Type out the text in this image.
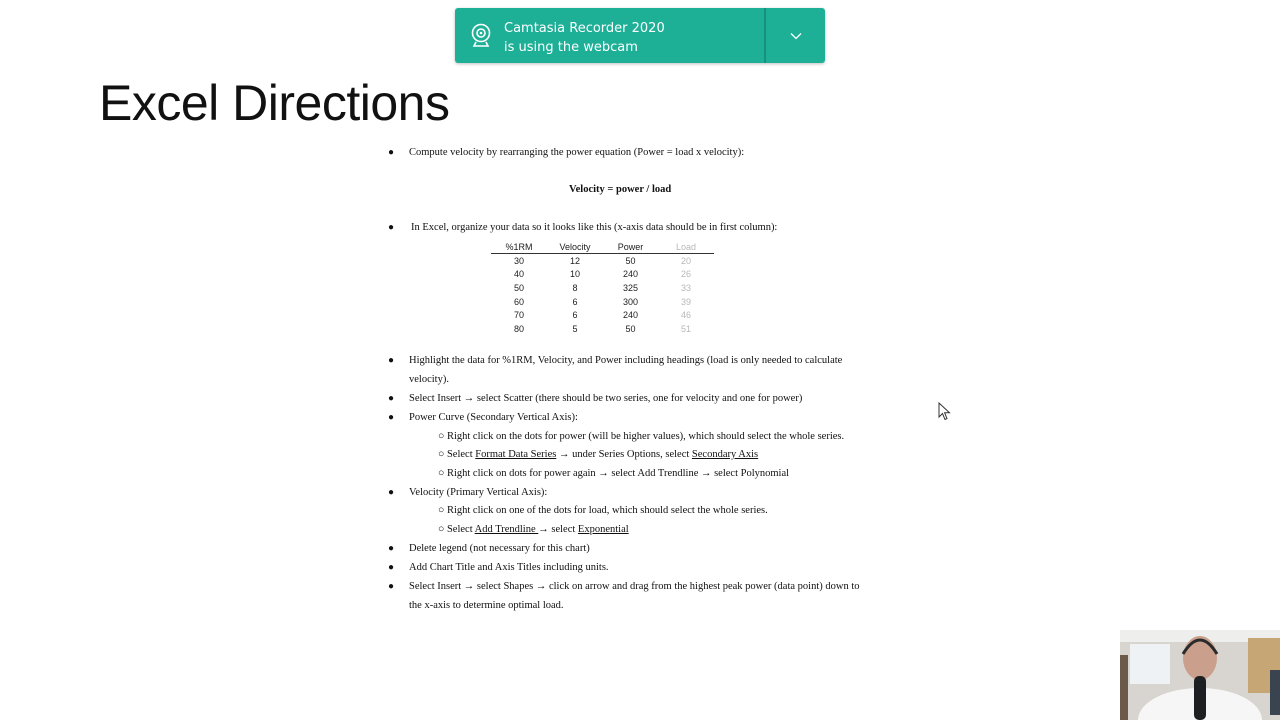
Excel Directions
Camtasia Recorder 2020
is using the webcam
● Compute velocity by rearranging the power equation (Power = load x velocity):
Velocity = power / load
● In Excel, organize your data so it looks like this (x-axis data should be in first column):
%1RM	Velocity	Power	Load
30	12	50	20
40	10	240	26
50	8	325	33
60	6	300	39
70	6	240	46
80	5	50	51
● Highlight the data for %1RM, Velocity, and Power including headings (load is only needed to calculate
velocity).
● Select Insert → select Scatter (there should be two series, one for velocity and one for power)
● Power Curve (Secondary Vertical Axis):
○ Right click on the dots for power (will be higher values), which should select the whole series.
○ Select Format Data Series → under Series Options, select Secondary Axis
○ Right click on dots for power again → select Add Trendline → select Polynomial
● Velocity (Primary Vertical Axis):
○ Right click on one of the dots for load, which should select the whole series.
○ Select Add Trendline → select Exponential
● Delete legend (not necessary for this chart)
● Add Chart Title and Axis Titles including units.
● Select Insert → select Shapes → click on arrow and drag from the highest peak power (data point) down to
the x-axis to determine optimal load.
